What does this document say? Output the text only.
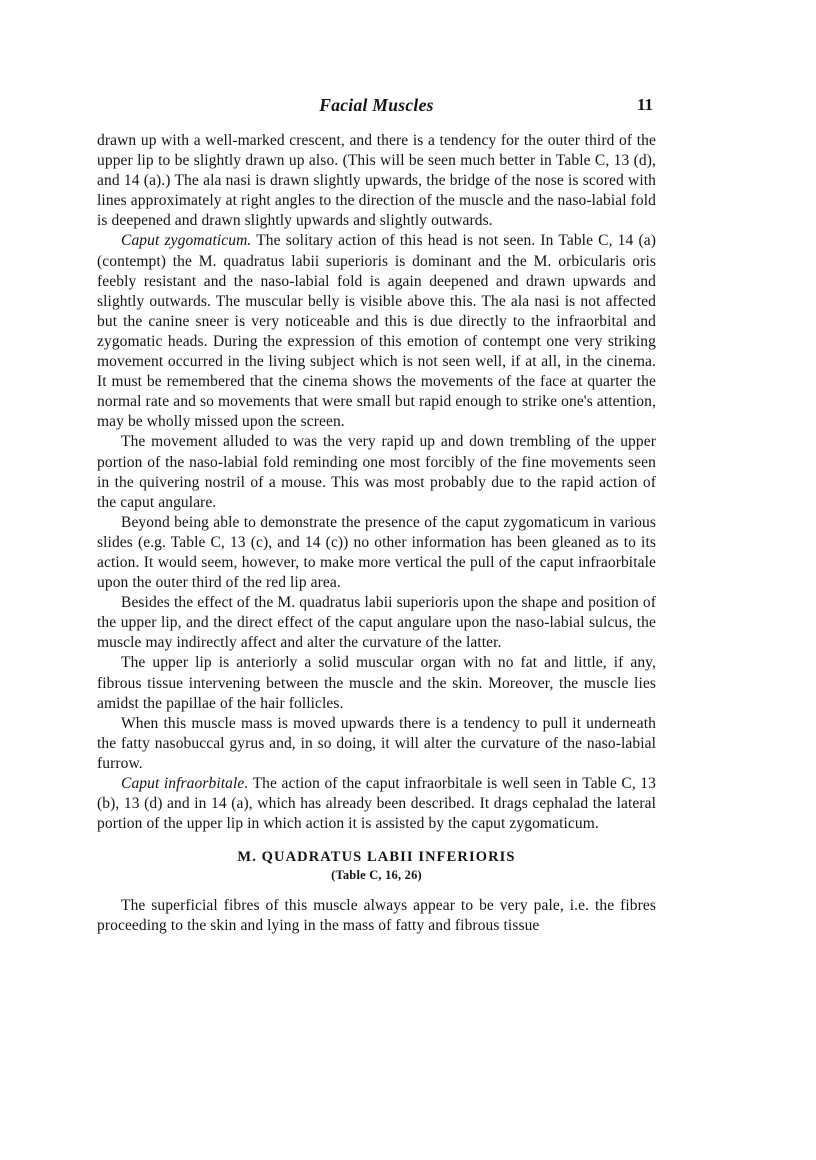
Facial Muscles	11

drawn up with a well-marked crescent, and there is a tendency for the outer third of the upper lip to be slightly drawn up also. (This will be seen much better in Table C, 13 (d), and 14 (a).) The ala nasi is drawn slightly upwards, the bridge of the nose is scored with lines approximately at right angles to the direction of the muscle and the naso-labial fold is deepened and drawn slightly upwards and slightly outwards.

Caput zygomaticum. The solitary action of this head is not seen. In Table C, 14 (a) (contempt) the M. quadratus labii superioris is dominant and the M. orbicularis oris feebly resistant and the naso-labial fold is again deepened and drawn upwards and slightly outwards. The muscular belly is visible above this. The ala nasi is not affected but the canine sneer is very noticeable and this is due directly to the infraorbital and zygomatic heads. During the expression of this emotion of contempt one very striking movement occurred in the living subject which is not seen well, if at all, in the cinema. It must be remembered that the cinema shows the movements of the face at quarter the normal rate and so movements that were small but rapid enough to strike one's attention, may be wholly missed upon the screen.

The movement alluded to was the very rapid up and down trembling of the upper portion of the naso-labial fold reminding one most forcibly of the fine movements seen in the quivering nostril of a mouse. This was most probably due to the rapid action of the caput angulare.

Beyond being able to demonstrate the presence of the caput zygomaticum in various slides (e.g. Table C, 13 (c), and 14 (c)) no other information has been gleaned as to its action. It would seem, however, to make more vertical the pull of the caput infraorbitale upon the outer third of the red lip area.

Besides the effect of the M. quadratus labii superioris upon the shape and position of the upper lip, and the direct effect of the caput angulare upon the naso-labial sulcus, the muscle may indirectly affect and alter the curvature of the latter.

The upper lip is anteriorly a solid muscular organ with no fat and little, if any, fibrous tissue intervening between the muscle and the skin. Moreover, the muscle lies amidst the papillae of the hair follicles.

When this muscle mass is moved upwards there is a tendency to pull it underneath the fatty nasobuccal gyrus and, in so doing, it will alter the curvature of the naso-labial furrow.

Caput infraorbitale. The action of the caput infraorbitale is well seen in Table C, 13 (b), 13 (d) and in 14 (a), which has already been described. It drags cephalad the lateral portion of the upper lip in which action it is assisted by the caput zygomaticum.

M. QUADRATUS LABII INFERIORIS
(Table C, 16, 26)

The superficial fibres of this muscle always appear to be very pale, i.e. the fibres proceeding to the skin and lying in the mass of fatty and fibrous tissue
